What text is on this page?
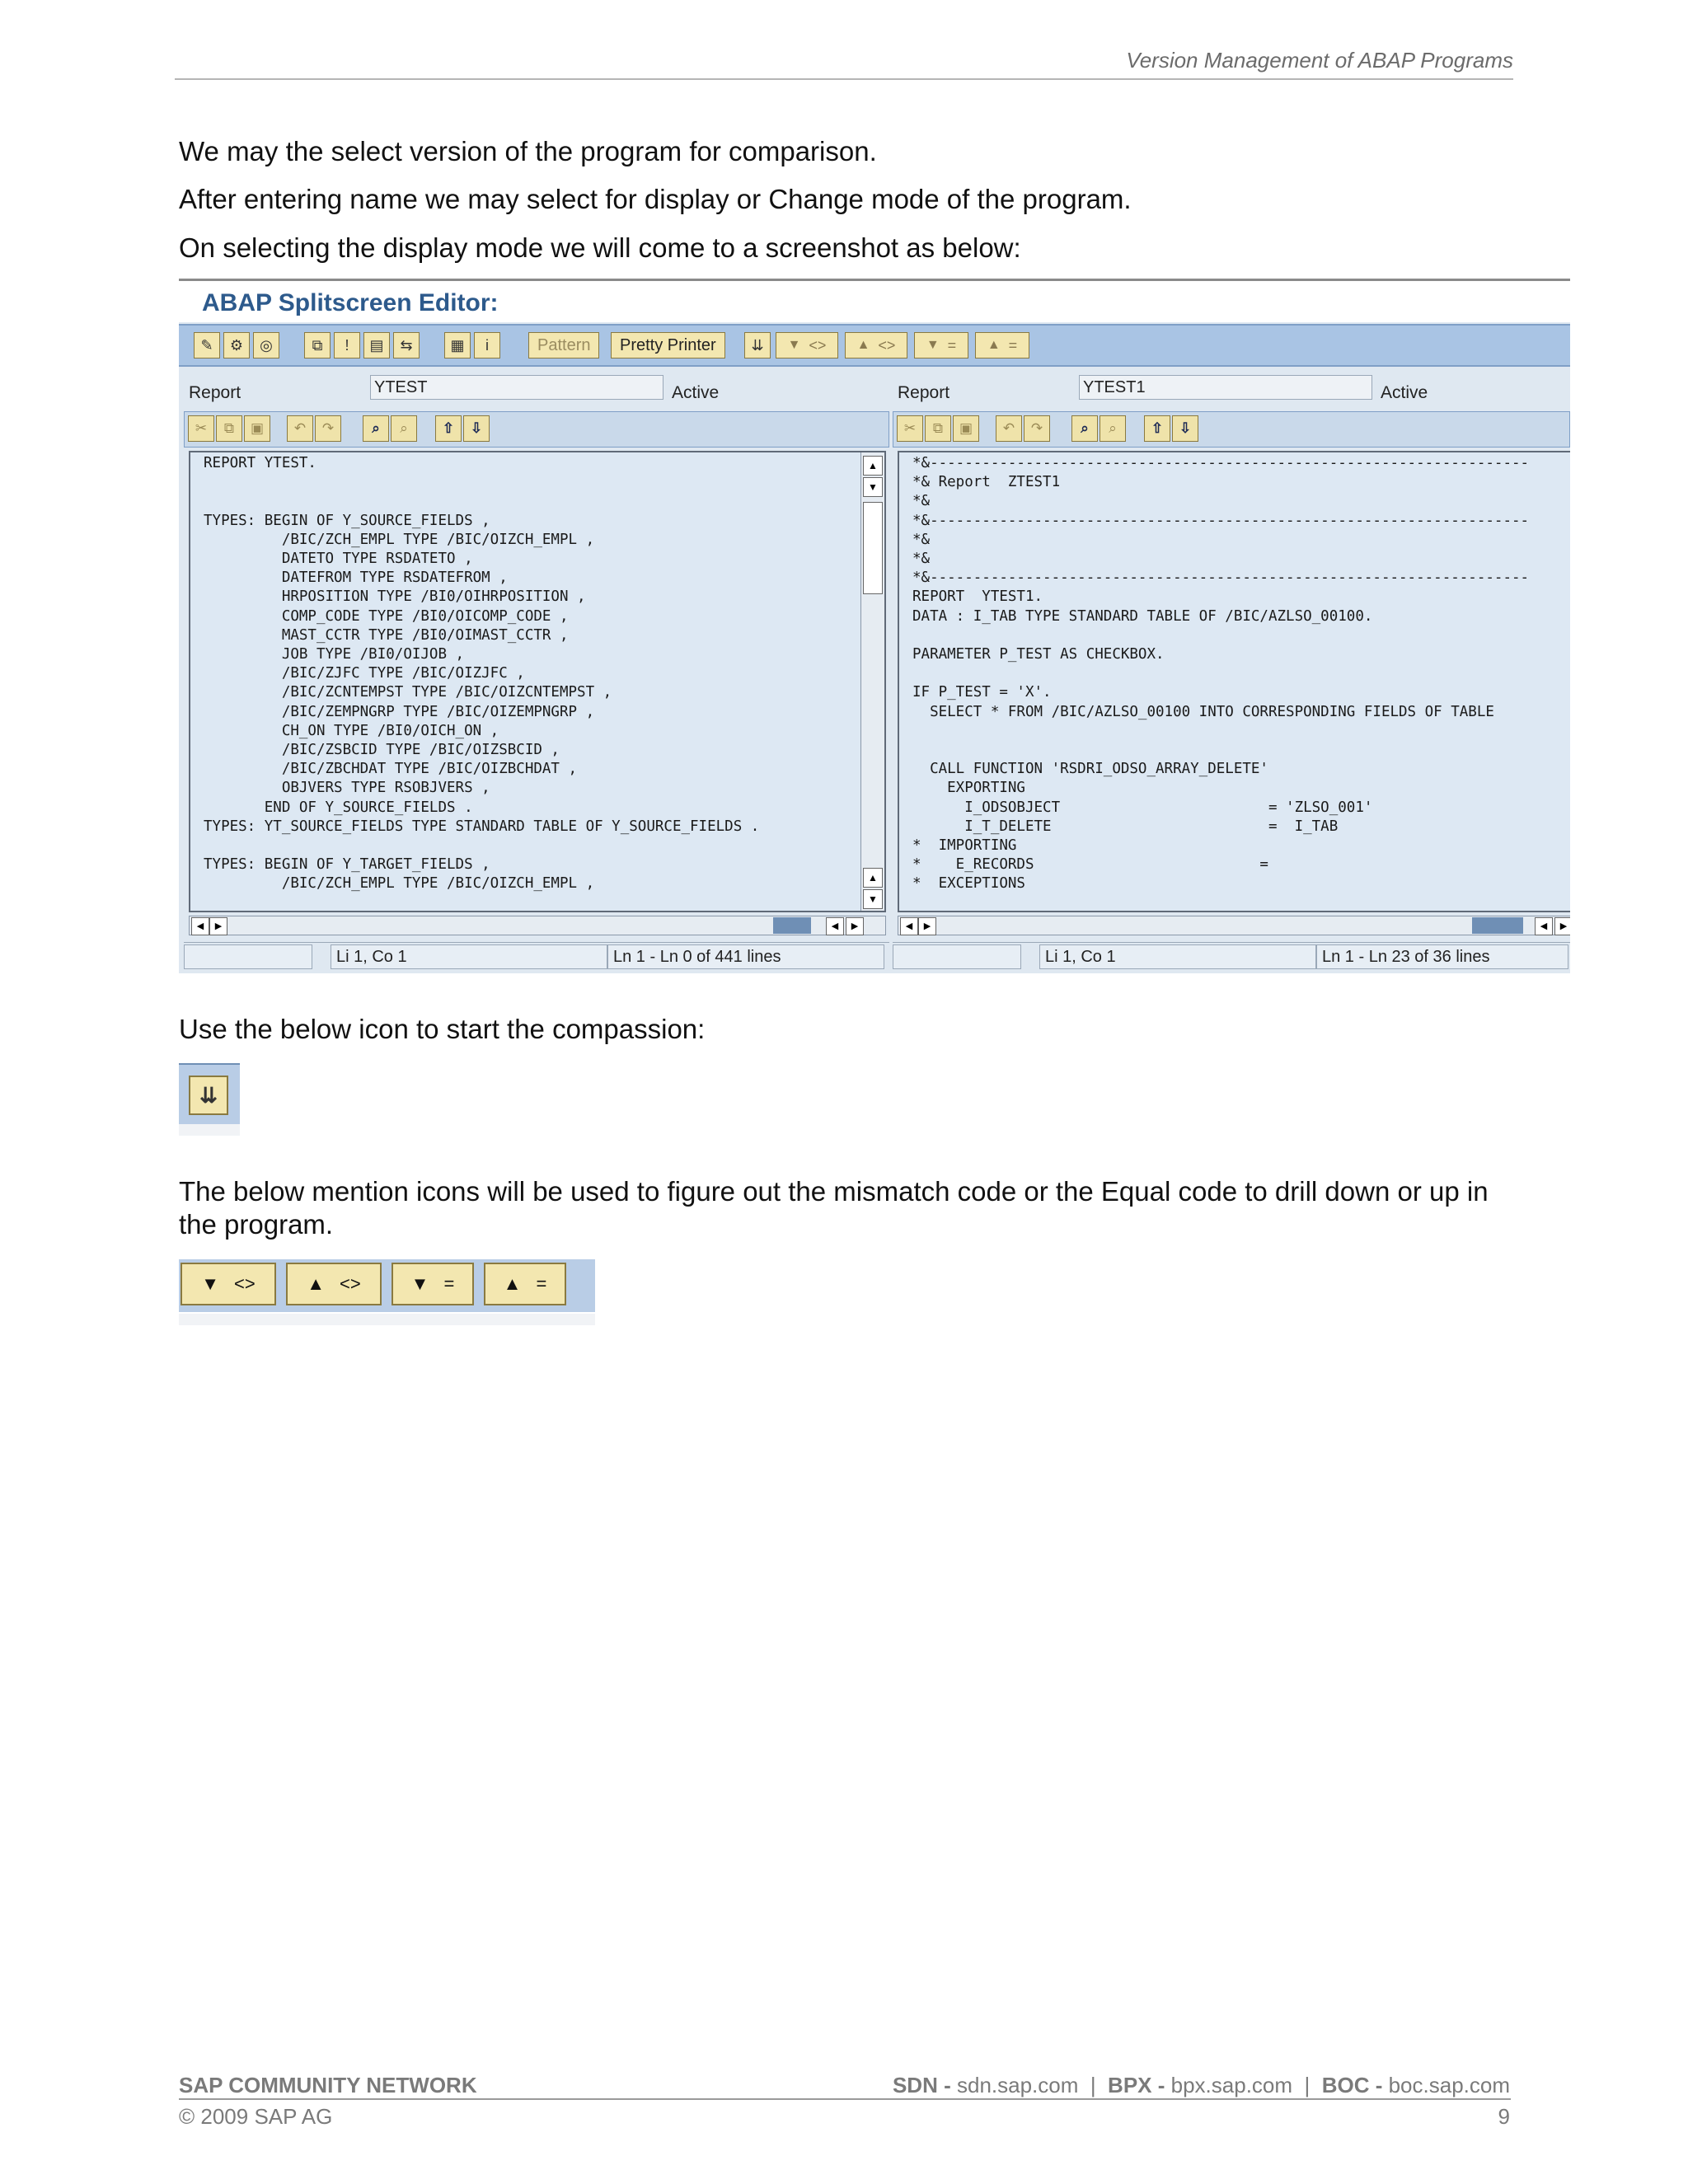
Version Management of ABAP Programs
We may the select version of the program for comparison.
After entering name we may select for display or Change mode of the program.
On selecting the display mode we will come to a screenshot as below:
ABAP Splitscreen Editor:
✎	⚙	◎	⧉	!	▤	⇆	▦	i	Pattern	Pretty Printer	⇊	▼ <> ▲ <> ▼ = ▲ =
Report	YTEST	Active
✂	⧉	▣	↶	↷	⌕	⌕	⇧	⇩
REPORT YTEST.

TYPES: BEGIN OF Y_SOURCE_FIELDS ,
/BIC/ZCH_EMPL TYPE /BIC/OIZCH_EMPL ,
DATETO TYPE RSDATETO ,
DATEFROM TYPE RSDATEFROM ,
HRPOSITION TYPE /BI0/OIHRPOSITION ,
COMP_CODE TYPE /BI0/OICOMP_CODE ,
MAST_CCTR TYPE /BI0/OIMAST_CCTR ,
JOB TYPE /BI0/OIJOB ,
/BIC/ZJFC TYPE /BIC/OIZJFC ,
/BIC/ZCNTEMPST TYPE /BIC/OIZCNTEMPST ,
/BIC/ZEMPNGRP TYPE /BIC/OIZEMPNGRP ,
CH_ON TYPE /BI0/OICH_ON ,
/BIC/ZSBCID TYPE /BIC/OIZSBCID ,
/BIC/ZBCHDAT TYPE /BIC/OIZBCHDAT ,
OBJVERS TYPE RSOBJVERS ,
END OF Y_SOURCE_FIELDS .
TYPES: YT_SOURCE_FIELDS TYPE STANDARD TABLE OF Y_SOURCE_FIELDS .

TYPES: BEGIN OF Y_TARGET_FIELDS ,
/BIC/ZCH_EMPL TYPE /BIC/OIZCH_EMPL ,
▲
▼
▲
▼
◀	▶	◀	▶
Li 1, Co 1	Ln 1 - Ln 0 of 441 lines
Report	YTEST1	Active
✂	⧉	▣	↶	↷	⌕	⌕	⇧	⇩
*&---------------------------------------------------------------------
*& Report  ZTEST1
*&
*&---------------------------------------------------------------------
*&
*&
*&---------------------------------------------------------------------
REPORT  YTEST1.
DATA : I_TAB TYPE STANDARD TABLE OF /BIC/AZLSO_00100.

PARAMETER P_TEST AS CHECKBOX.

IF P_TEST = 'X'.
SELECT * FROM /BIC/AZLSO_00100 INTO CORRESPONDING FIELDS OF TABLE

CALL FUNCTION 'RSDRI_ODSO_ARRAY_DELETE'
EXPORTING
I_ODSOBJECT                        = 'ZLSO_001'
I_T_DELETE                         =  I_TAB
*  IMPORTING
*    E_RECORDS                          =
*  EXCEPTIONS
◀	▶	◀	▶
Li 1, Co 1	Ln 1 - Ln 23 of 36 lines
Use the below icon to start the compassion:
⇊
The below mention icons will be used to figure out the mismatch code or the Equal code to drill down or up in the program.
▼ <>	▲ <>	▼ =	▲ =
SAP COMMUNITY NETWORK	SDN - sdn.sap.com  |  BPX - bpx.sap.com  |  BOC - boc.sap.com
© 2009 SAP AG	9
